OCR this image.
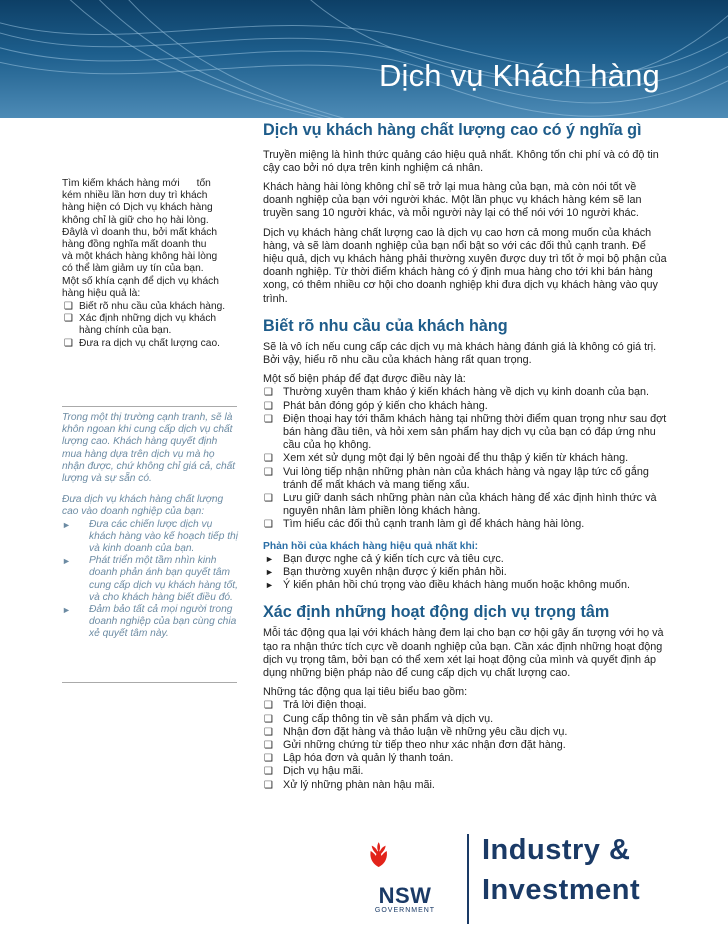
Dịch vụ Khách hàng

Tìm kiếm khách hàng mới      tốn

kém nhiều lần hơn duy trì khách

hàng hiện có Dịch vụ khách hàng

không chỉ là giữ cho họ hài lòng.

Đâylà vì doanh thu, bởi mất khách

hàng đồng nghĩa mất doanh thu

và một khách hàng không hài lòng

có thể làm giảm uy tín của bạn.

Một số khía cạnh để dịch vụ khách

hàng hiệu quả là:

❑ Biết rõ nhu cầu của khách hàng.
❑ Xác định những dịch vụ khách hàng chính của bạn.
❑ Đưa ra dịch vụ chất lượng cao.

Trong một thị trường cạnh tranh, sẽ là khôn ngoan khi cung cấp dịch vụ chất lượng cao. Khách hàng quyết định mua hàng dựa trên dịch vụ mà họ nhận được, chứ không chỉ giá cả, chất lượng và sự sẵn có.

Đưa dịch vụ khách hàng chất lượng cao vào doanh nghiệp của bạn:

► Đưa các chiến lược dịch vụ khách hàng vào kế hoạch tiếp thị và kinh doanh của bạn.
► Phát triển một tầm nhìn kinh doanh phản ánh bạn quyết tâm cung cấp dịch vụ khách hàng tốt, và cho khách hàng biết điều đó.
► Đảm bảo tất cả mọi người trong doanh nghiệp của bạn cùng chia xẻ quyết tâm này.
Dịch vụ khách hàng chất lượng cao có ý nghĩa gì

Truyền miệng là hình thức quảng cáo hiệu quả nhất. Không tốn chi phí và có độ tin cậy cao bởi nó dựa trên kinh nghiệm cá nhân.

Khách hàng hài lòng không chỉ sẽ trở lại mua hàng của bạn, mà còn nói tốt về doanh nghiệp của bạn với người khác. Một lần phục vụ khách hàng kém sẽ lan truyền sang 10 người khác, và mỗi người này lại có thể nói với 10 người khác.

Dịch vụ khách hàng chất lượng cao là dịch vụ cao hơn cả mong muốn của khách hàng, và sẽ làm doanh nghiệp của bạn nổi bật so với các đối thủ cạnh tranh. Để hiệu quả, dịch vụ khách hàng phải thường xuyên được duy trì tốt ở mọi bộ phận của doanh nghiệp. Từ thời điểm khách hàng có ý định mua hàng cho tới khi bán hàng xong, có thêm nhiều cơ hội cho doanh nghiệp khi đưa dịch vụ khách hàng vào quy trình.

Biết rõ nhu cầu của khách hàng

Sẽ là vô ích nếu cung cấp các dịch vụ mà khách hàng đánh giá là không có giá trị. Bởi vậy, hiểu rõ nhu cầu của khách hàng rất quan trọng.

Một số biện pháp để đạt được điều này là:

❑ Thường xuyên tham khảo ý kiến khách hàng về dịch vụ kinh doanh của bạn.
❑ Phát bản đóng góp ý kiến cho khách hàng.
❑ Điện thoại hay tới thăm khách hàng tại những thời điểm quan trọng như sau đợt bán hàng đầu tiên, và hỏi xem sản phẩm hay dịch vụ của bạn có đáp ứng nhu cầu của họ không.
❑ Xem xét sử dụng một đại lý bên ngoài để thu thập ý kiến từ khách hàng.
❑ Vui lòng tiếp nhận những phàn nàn của khách hàng và ngay lập tức cố gắng tránh để mất khách và mang tiếng xấu.
❑ Lưu giữ danh sách những phàn nàn của khách hàng để xác định hình thức và nguyên nhân làm phiền lòng khách hàng.
❑ Tìm hiểu các đối thủ cạnh tranh làm gì để khách hàng hài lòng.

Phản hồi của khách hàng hiệu quả nhất khi:

► Bạn được nghe cả ý kiến tích cực và tiêu cực.
► Bạn thường xuyên nhận được ý kiến phản hồi.
► Ý kiến phản hồi chú trọng vào điều khách hàng muốn hoặc không muốn.
Xác định những hoạt động dịch vụ trọng tâm

Mỗi tác động qua lại với khách hàng đem lại cho bạn cơ hội gây ấn tượng với họ và tạo ra nhận thức tích cực về doanh nghiệp của bạn. Cần xác định những hoạt động dịch vụ trọng tâm, bởi bạn có thể xem xét lại hoạt động của mình và quyết định áp dụng những biện pháp nào để cung cấp dịch vụ chất lượng cao.

Những tác động qua lại tiêu biểu bao gồm:

❑ Trả lời điện thoại.
❑ Cung cấp thông tin về sản phẩm và dịch vụ.
❑ Nhận đơn đặt hàng và thảo luận về những yêu cầu dịch vụ.
❑ Gửi những chứng từ tiếp theo như xác nhận đơn đặt hàng.
❑ Lập hóa đơn và quản lý thanh toán.
❑ Dịch vụ hậu mãi.
❑ Xử lý những phàn nàn hậu mãi.
NSW
GOVERNMENT
Industry &
Investment
